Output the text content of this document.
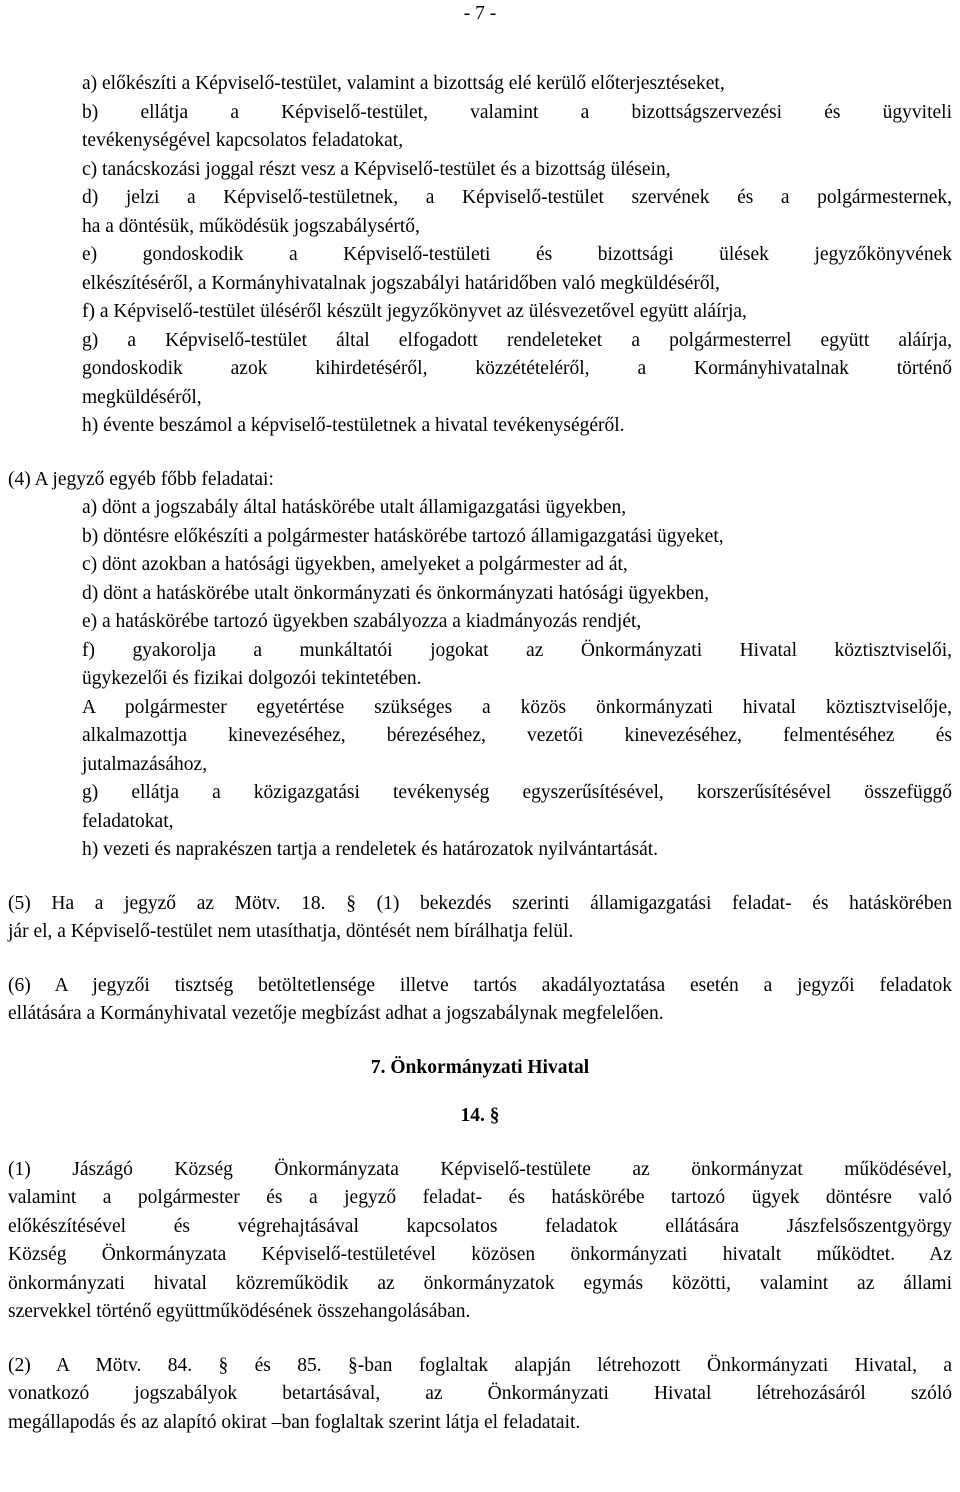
- 7 -
a) előkészíti a Képviselő-testület, valamint a bizottság elé kerülő előterjesztéseket,
b) ellátja a Képviselő-testület, valamint a bizottságszervezési és ügyviteli
tevékenységével kapcsolatos feladatokat,
c) tanácskozási joggal részt vesz a Képviselő-testület és a bizottság ülésein,
d) jelzi a Képviselő-testületnek, a Képviselő-testület szervének és a polgármesternek,
ha a döntésük, működésük jogszabálysértő,
e) gondoskodik a Képviselő-testületi és bizottsági ülések jegyzőkönyvének
elkészítéséről, a Kormányhivatalnak jogszabályi határidőben való megküldéséről,
f) a Képviselő-testület üléséről készült jegyzőkönyvet az ülésvezetővel együtt aláírja,
g) a Képviselő-testület által elfogadott rendeleteket a polgármesterrel együtt aláírja,
gondoskodik azok kihirdetéséről, közzétételéről, a Kormányhivatalnak történő
megküldéséről,
h) évente beszámol a képviselő-testületnek a hivatal tevékenységéről.
(4) A jegyző egyéb főbb feladatai:
a) dönt a jogszabály által hatáskörébe utalt államigazgatási ügyekben,
b) döntésre előkészíti a polgármester hatáskörébe tartozó államigazgatási ügyeket,
c) dönt azokban a hatósági ügyekben, amelyeket a polgármester ad át,
d) dönt a hatáskörébe utalt önkormányzati és önkormányzati hatósági ügyekben,
e) a hatáskörébe tartozó ügyekben szabályozza a kiadmányozás rendjét,
f) gyakorolja a munkáltatói jogokat az Önkormányzati Hivatal köztisztviselői,
ügykezelői és fizikai dolgozói tekintetében.
A polgármester egyetértése szükséges a közös önkormányzati hivatal köztisztviselője,
alkalmazottja kinevezéséhez, bérezéséhez, vezetői kinevezéséhez, felmentéséhez és
jutalmazásához,
g) ellátja a közigazgatási tevékenység egyszerűsítésével, korszerűsítésével összefüggő
feladatokat,
h) vezeti és naprakészen tartja a rendeletek és határozatok nyilvántartását.
(5) Ha a jegyző az Mötv. 18. § (1) bekezdés szerinti államigazgatási feladat- és hatáskörében
jár el, a Képviselő-testület nem utasíthatja, döntését nem bírálhatja felül.
(6) A jegyzői tisztség betöltetlensége illetve tartós akadályoztatása esetén a jegyzői feladatok
ellátására a Kormányhivatal vezetője megbízást adhat a jogszabálynak megfelelően.
7. Önkormányzati Hivatal
14. §
(1) Jászágó Község Önkormányzata Képviselő-testülete az önkormányzat működésével,
valamint a polgármester és a jegyző feladat- és hatáskörébe tartozó ügyek döntésre való
előkészítésével és végrehajtásával kapcsolatos feladatok ellátására Jászfelsőszentgyörgy
Község Önkormányzata Képviselő-testületével közösen önkormányzati hivatalt működtet. Az
önkormányzati hivatal közreműködik az önkormányzatok egymás közötti, valamint az állami
szervekkel történő együttműködésének összehangolásában.
(2) A Mötv. 84. § és 85. §-ban foglaltak alapján létrehozott Önkormányzati Hivatal, a
vonatkozó jogszabályok betartásával, az Önkormányzati Hivatal létrehozásáról szóló
megállapodás és az alapító okirat –ban foglaltak szerint látja el feladatait.
